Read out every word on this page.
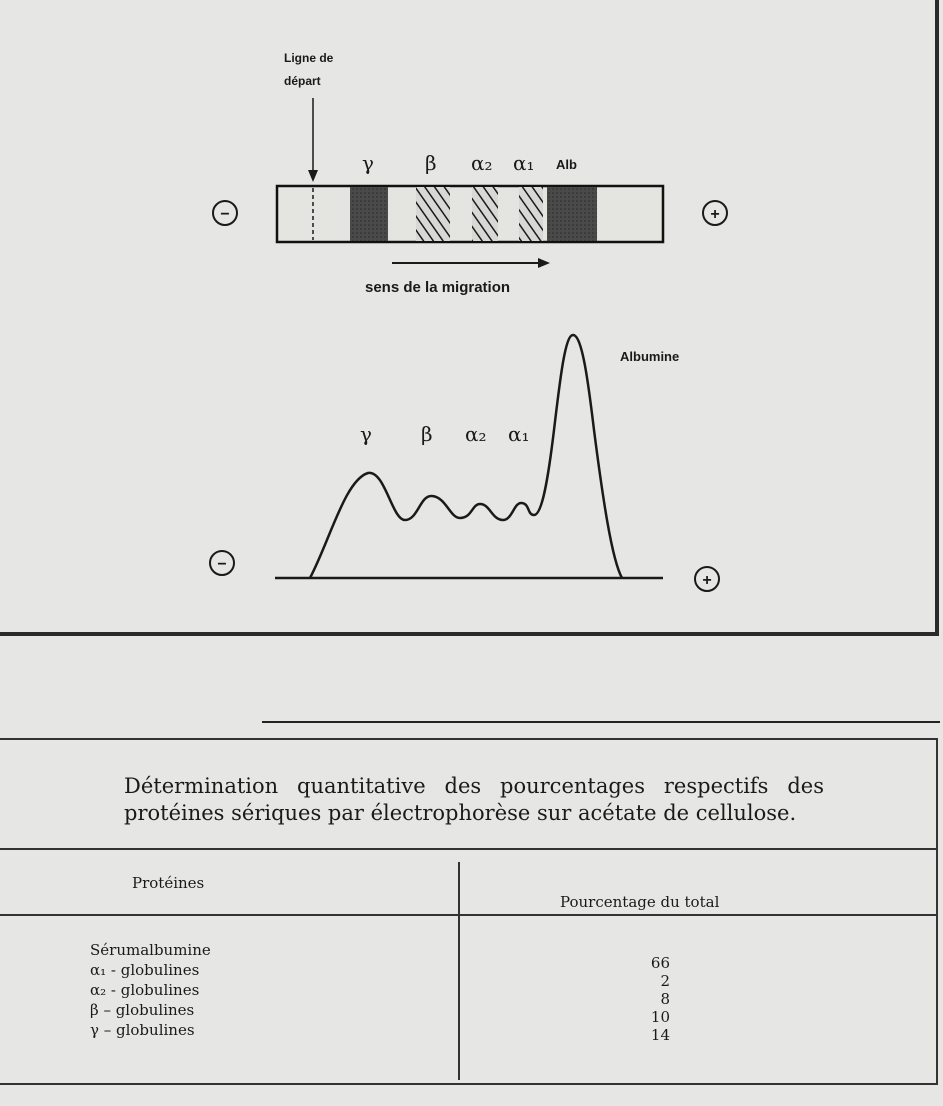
Ligne de
départ
γ	β α₂ α₁ Alb
−	+
sens de la migration
γ β α₂ α₁
Albumine
−
+

Détermination quantitative des pourcentages respectifs des protéines sériques par électrophorèse sur acétate de cellulose.

Protéines
Pourcentage du total
Sérumalbumine
α₁ - globulines
α₂ - globulines
β – globulines
γ – globulines
66
2
8
10
14
